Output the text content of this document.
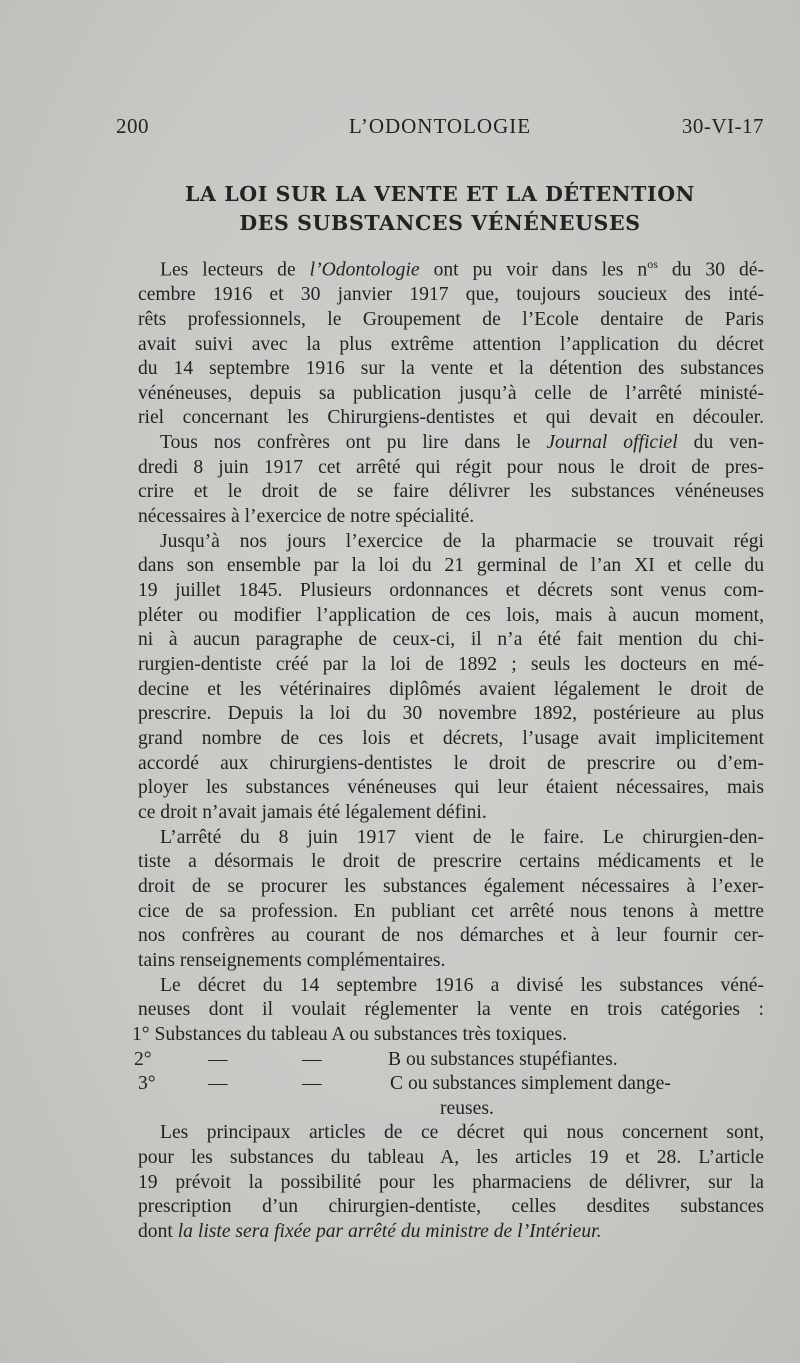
200	L’ODONTOLOGIE	30-VI-17
LA LOI SUR LA VENTE ET LA DÉTENTION
DES SUBSTANCES VÉNÉNEUSES

Les lecteurs de l’Odontologie ont pu voir dans les $n^{os}$ du 30 dé-
cembre 1916 et 30 janvier 1917 que, toujours soucieux des inté-
rêts professionnels, le Groupement de l’Ecole dentaire de Paris
avait suivi avec la plus extrême attention l’application du décret
du 14 septembre 1916 sur la vente et la détention des substances
vénéneuses, depuis sa publication jusqu’à celle de l’arrêté ministé-
riel concernant les Chirurgiens-dentistes et qui devait en découler.

Tous nos confrères ont pu lire dans le Journal officiel du ven-
dredi 8 juin 1917 cet arrêté qui régit pour nous le droit de pres-
crire et le droit de se faire délivrer les substances vénéneuses
nécessaires à l’exercice de notre spécialité.

Jusqu’à nos jours l’exercice de la pharmacie se trouvait régi
dans son ensemble par la loi du 21 germinal de l’an XI et celle du
19 juillet 1845. Plusieurs ordonnances et décrets sont venus com-
pléter ou modifier l’application de ces lois, mais à aucun moment,
ni à aucun paragraphe de ceux-ci, il n’a été fait mention du chi-
rurgien-dentiste créé par la loi de 1892 ; seuls les docteurs en mé-
decine et les vétérinaires diplômés avaient légalement le droit de
prescrire. Depuis la loi du 30 novembre 1892, postérieure au plus
grand nombre de ces lois et décrets, l’usage avait implicitement
accordé aux chirurgiens-dentistes le droit de prescrire ou d’em-
ployer les substances vénéneuses qui leur étaient nécessaires, mais
ce droit n’avait jamais été légalement défini.

L’arrêté du 8 juin 1917 vient de le faire. Le chirurgien-den-
tiste a désormais le droit de prescrire certains médicaments et le
droit de se procurer les substances également nécessaires à l’exer-
cice de sa profession. En publiant cet arrêté nous tenons à mettre
nos confrères au courant de nos démarches et à leur fournir cer-
tains renseignements complémentaires.

Le décret du 14 septembre 1916 a divisé les substances véné-
neuses dont il voulait réglementer la vente en trois catégories :

1° Substances du tableau A ou substances très toxiques.
2°	—	—	B ou substances stupéfiantes.
3°	—	—	C ou substances simplement dange-
reuses.

Les principaux articles de ce décret qui nous concernent sont,
pour les substances du tableau A, les articles 19 et 28. L’article
19 prévoit la possibilité pour les pharmaciens de délivrer, sur la
prescription d’un chirurgien-dentiste, celles desdites substances
dont la liste sera fixée par arrêté du ministre de l’Intérieur.
